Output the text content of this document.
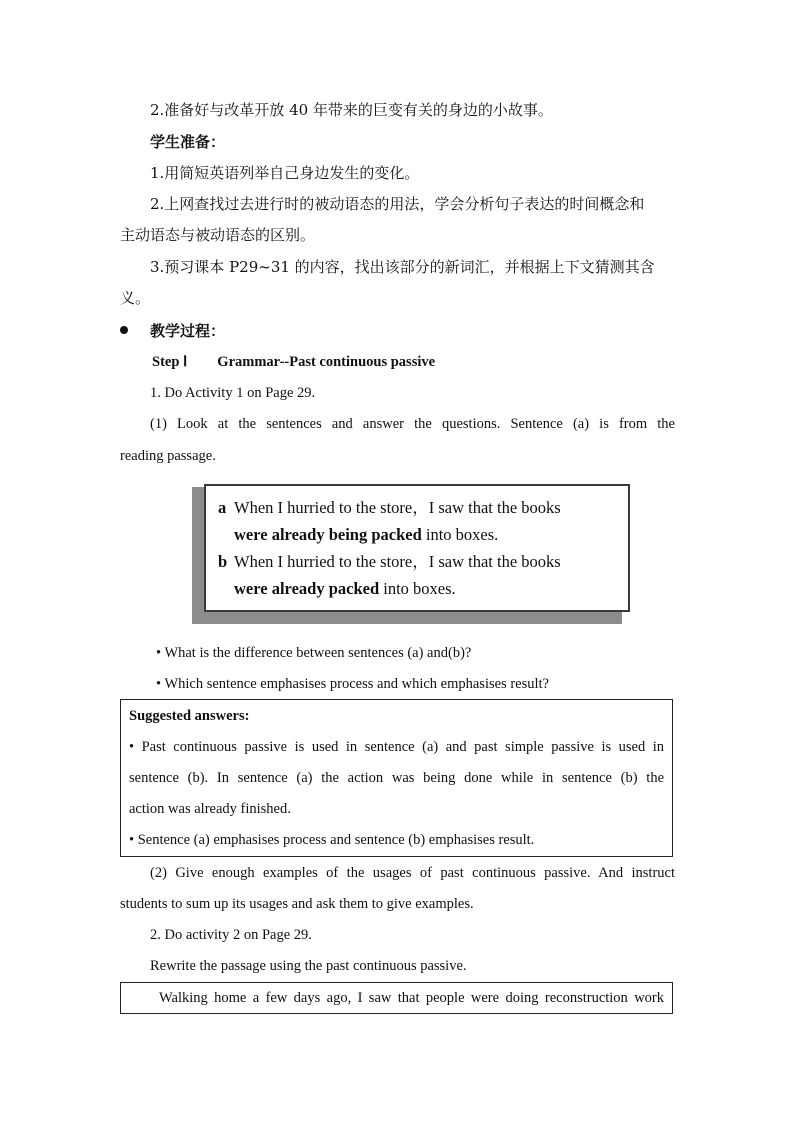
2.准备好与改革开放 40 年带来的巨变有关的身边的小故事。

学生准备：

1.用简短英语列举自己身边发生的变化。

2.上网查找过去进行时的被动语态的用法，学会分析句子表达的时间概念和

主动语态与被动语态的区别。

3.预习课本 P29~31 的内容，找出该部分的新词汇，并根据上下文猜测其含

义。

教学过程：
Step Ⅰ Grammar--Past continuous passive

1. Do Activity 1 on Page 29.

(1) Look at the sentences and answer the questions. Sentence (a) is from the

reading passage.

a When I hurried to the store，I saw that the books
were already being packed into boxes.
b When I hurried to the store，I saw that the books
were already packed into boxes.
• What is the difference between sentences (a) and(b)?
• Which sentence emphasises process and which emphasises result?
Suggested answers:
• Past continuous passive is used in sentence (a) and past simple passive is used in
sentence (b). In sentence (a) the action was being done while in sentence (b) the
action was already finished.
• Sentence (a) emphasises process and sentence (b) emphasises result.

(2) Give enough examples of the usages of past continuous passive. And instruct

students to sum up its usages and ask them to give examples.

2. Do activity 2 on Page 29.

Rewrite the passage using the past continuous passive.

Walking home a few days ago, I saw that people were doing reconstruction work
